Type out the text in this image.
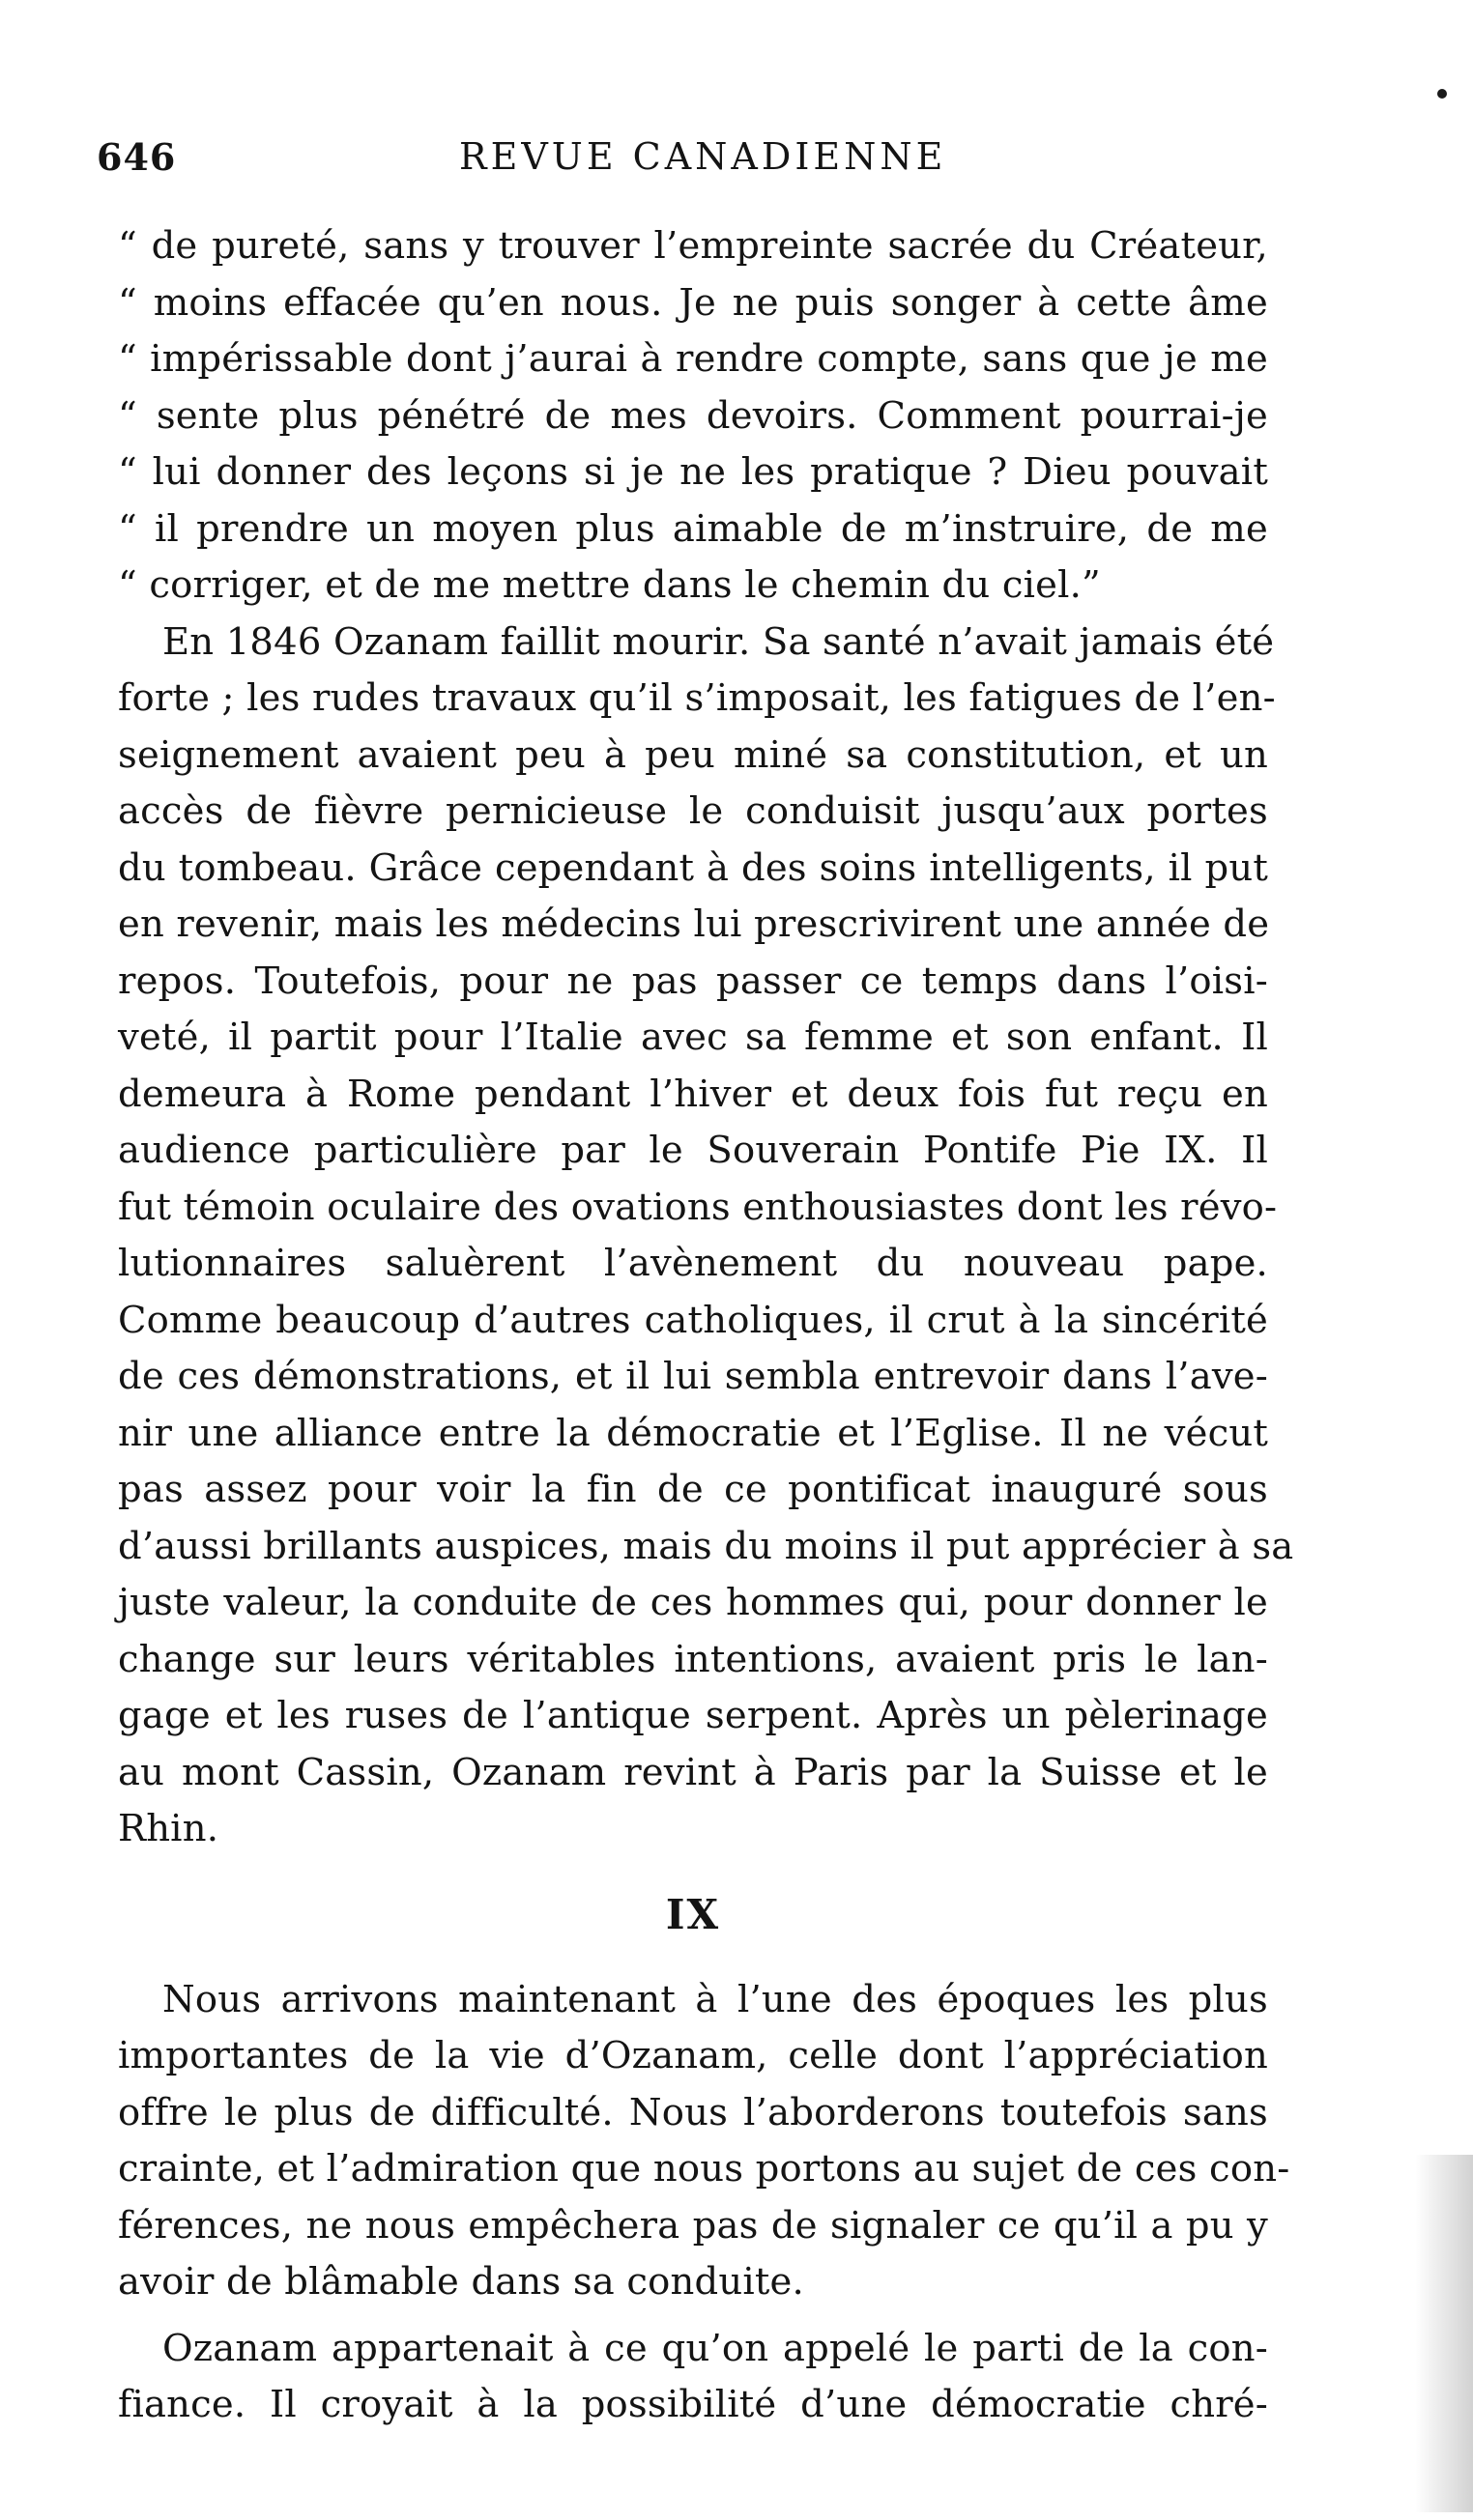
646	REVUE CANADIENNE
“ de pureté, sans y trouver l’empreinte sacrée du Créateur,
“ moins effacée qu’en nous. Je ne puis songer à cette âme
“ impérissable dont j’aurai à rendre compte, sans que je me
“ sente plus pénétré de mes devoirs. Comment pourrai-je
“ lui donner des leçons si je ne les pratique ? Dieu pouvait
“ il prendre un moyen plus aimable de m’instruire, de me
“ corriger, et de me mettre dans le chemin du ciel.”
En 1846 Ozanam faillit mourir. Sa santé n’avait jamais été
forte ; les rudes travaux qu’il s’imposait, les fatigues de l’en-
seignement avaient peu à peu miné sa constitution, et un
accès de fièvre pernicieuse le conduisit jusqu’aux portes
du tombeau. Grâce cependant à des soins intelligents, il put
en revenir, mais les médecins lui prescrivirent une année de
repos. Toutefois, pour ne pas passer ce temps dans l’oisi-
veté, il partit pour l’Italie avec sa femme et son enfant. Il
demeura à Rome pendant l’hiver et deux fois fut reçu en
audience particulière par le Souverain Pontife Pie IX. Il
fut témoin oculaire des ovations enthousiastes dont les révo-
lutionnaires saluèrent l’avènement du nouveau pape.
Comme beaucoup d’autres catholiques, il crut à la sincérité
de ces démonstrations, et il lui sembla entrevoir dans l’ave-
nir une alliance entre la démocratie et l’Eglise. Il ne vécut
pas assez pour voir la fin de ce pontificat inauguré sous
d’aussi brillants auspices, mais du moins il put apprécier à sa
juste valeur, la conduite de ces hommes qui, pour donner le
change sur leurs véritables intentions, avaient pris le lan-
gage et les ruses de l’antique serpent. Après un pèlerinage
au mont Cassin, Ozanam revint à Paris par la Suisse et le
Rhin.
IX
Nous arrivons maintenant à l’une des époques les plus
importantes de la vie d’Ozanam, celle dont l’appréciation
offre le plus de difficulté. Nous l’aborderons toutefois sans
crainte, et l’admiration que nous portons au sujet de ces con-
férences, ne nous empêchera pas de signaler ce qu’il a pu y
avoir de blâmable dans sa conduite.
Ozanam appartenait à ce qu’on appelé le parti de la con-
fiance. Il croyait à la possibilité d’une démocratie chré-
